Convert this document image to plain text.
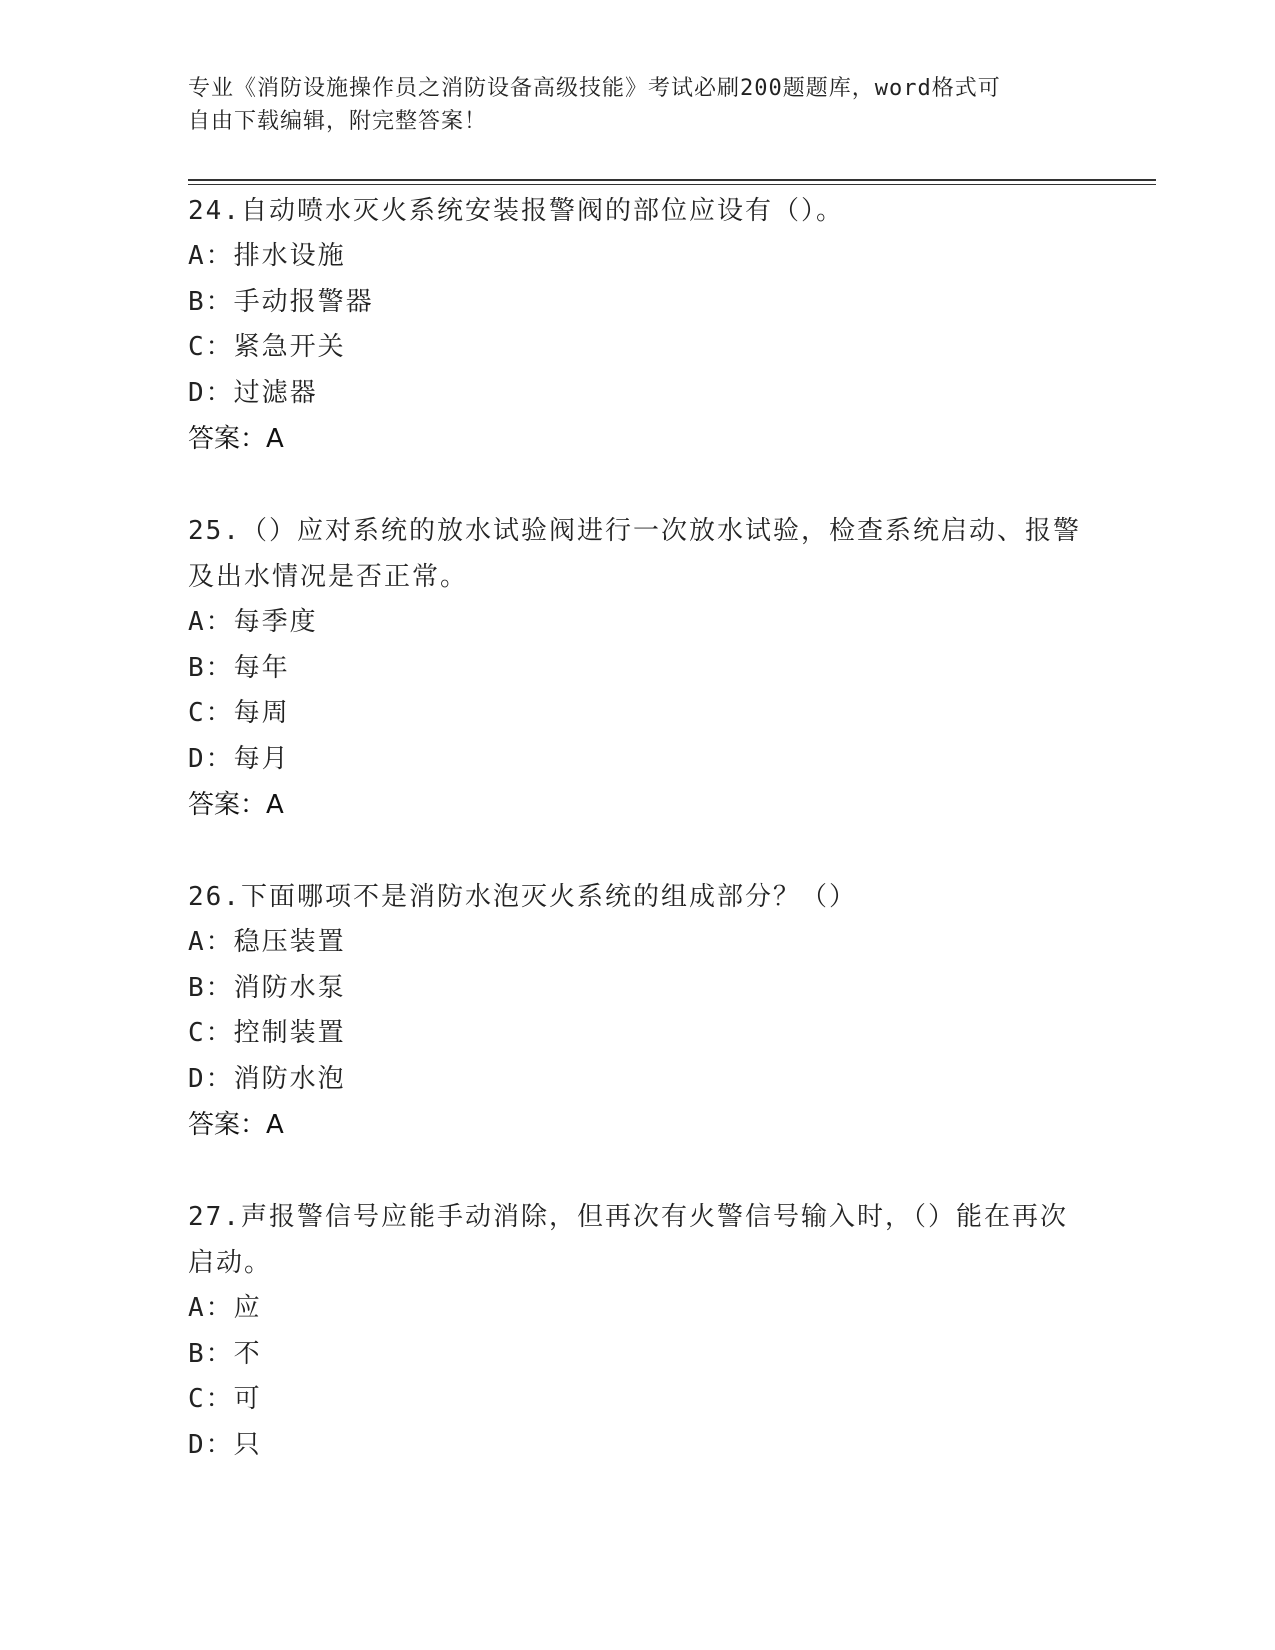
专业《消防设施操作员之消防设备高级技能》考试必刷200题题库，word格式可
自由下载编辑，附完整答案！

24.自动喷水灭火系统安装报警阀的部位应设有（）。

A：排水设施

B：手动报警器

C：紧急开关

D：过滤器

答案：A

25.（）应对系统的放水试验阀进行一次放水试验，检查系统启动、报警及出水情况是否正常。

A：每季度

B：每年

C：每周

D：每月

答案：A

26.下面哪项不是消防水泡灭火系统的组成部分？（）

A：稳压装置

B：消防水泵

C：控制装置

D：消防水泡

答案：A

27.声报警信号应能手动消除，但再次有火警信号输入时，（）能在再次启动。

A：应

B：不

C：可

D：只
